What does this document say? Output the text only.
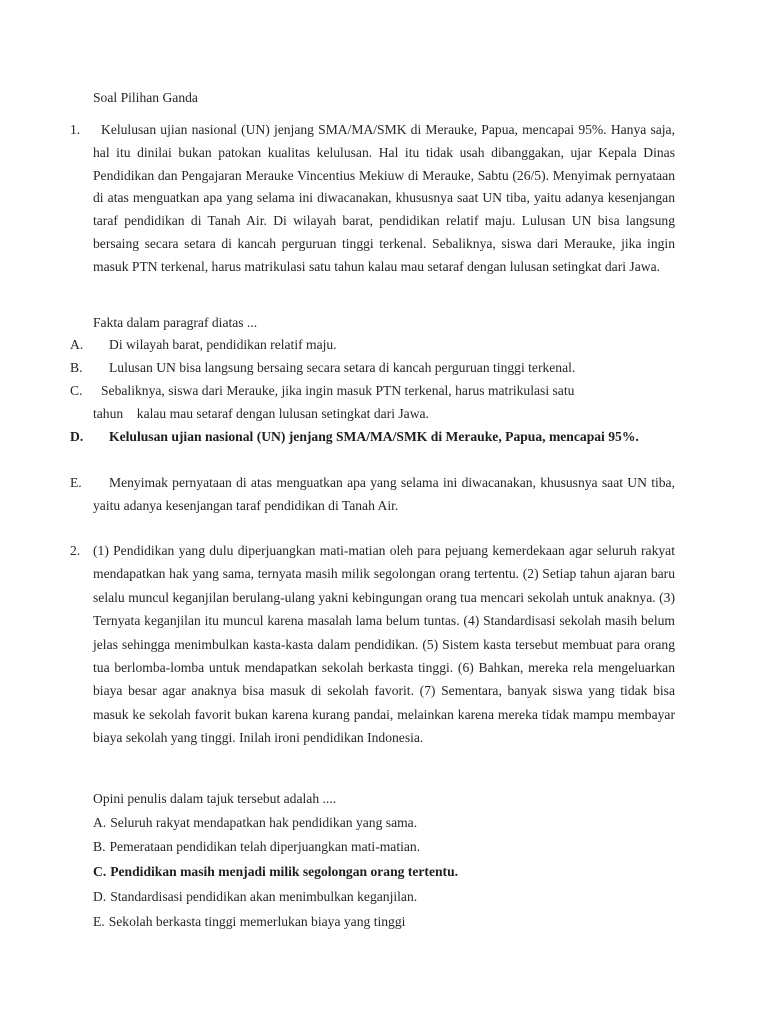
Soal Pilihan Ganda
1.	Kelulusan ujian nasional (UN) jenjang SMA/MA/SMK di Merauke, Papua, mencapai 95%. Hanya saja, hal itu dinilai bukan patokan kualitas kelulusan. Hal itu tidak usah dibanggakan, ujar Kepala Dinas Pendidikan dan Pengajaran Merauke Vincentius Mekiuw di Merauke, Sabtu (26/5). Menyimak pernyataan di atas menguatkan apa yang selama ini diwacanakan, khususnya saat UN tiba, yaitu adanya kesenjangan taraf pendidikan di Tanah Air. Di wilayah barat, pendidikan relatif maju. Lulusan UN bisa langsung bersaing secara setara di kancah perguruan tinggi terkenal. Sebaliknya, siswa dari Merauke, jika ingin masuk PTN terkenal, harus matrikulasi satu tahun kalau mau setaraf dengan lulusan setingkat dari Jawa.
Fakta dalam paragraf diatas ...
A.	Di wilayah barat, pendidikan relatif maju.
B.	Lulusan UN bisa langsung bersaing secara setara di kancah perguruan tinggi terkenal.
C.	Sebaliknya, siswa dari Merauke, jika ingin masuk PTN terkenal, harus matrikulasi satu
tahun    kalau mau setaraf dengan lulusan setingkat dari Jawa.
D.	Kelulusan ujian nasional (UN) jenjang SMA/MA/SMK di Merauke, Papua, mencapai 95%.
E.	Menyimak pernyataan di atas menguatkan apa yang selama ini diwacanakan, khususnya saat UN tiba, yaitu adanya kesenjangan taraf pendidikan di Tanah Air.
2. (1) Pendidikan yang dulu diperjuangkan mati-matian oleh para pejuang kemerdekaan agar seluruh rakyat mendapatkan hak yang sama, ternyata masih milik segolongan orang tertentu. (2) Setiap tahun ajaran baru selalu muncul keganjilan berulang-ulang yakni kebingungan orang tua mencari sekolah untuk anaknya. (3) Ternyata keganjilan itu muncul karena masalah lama belum tuntas. (4) Standardisasi sekolah masih belum jelas sehingga menimbulkan kasta-kasta dalam pendidikan. (5) Sistem kasta tersebut membuat para orang tua berlomba-lomba untuk mendapatkan sekolah berkasta tinggi. (6) Bahkan, mereka rela mengeluarkan biaya besar agar anaknya bisa masuk di sekolah favorit. (7) Sementara, banyak siswa yang tidak bisa masuk ke sekolah favorit bukan karena kurang pandai, melainkan karena mereka tidak mampu membayar biaya sekolah yang tinggi. Inilah ironi pendidikan Indonesia.
Opini penulis dalam tajuk tersebut adalah ....
A. Seluruh rakyat mendapatkan hak pendidikan yang sama.
B. Pemerataan pendidikan telah diperjuangkan mati-matian.
C. Pendidikan masih menjadi milik segolongan orang tertentu.
D. Standardisasi pendidikan akan menimbulkan keganjilan.
E. Sekolah berkasta tinggi memerlukan biaya yang tinggi
